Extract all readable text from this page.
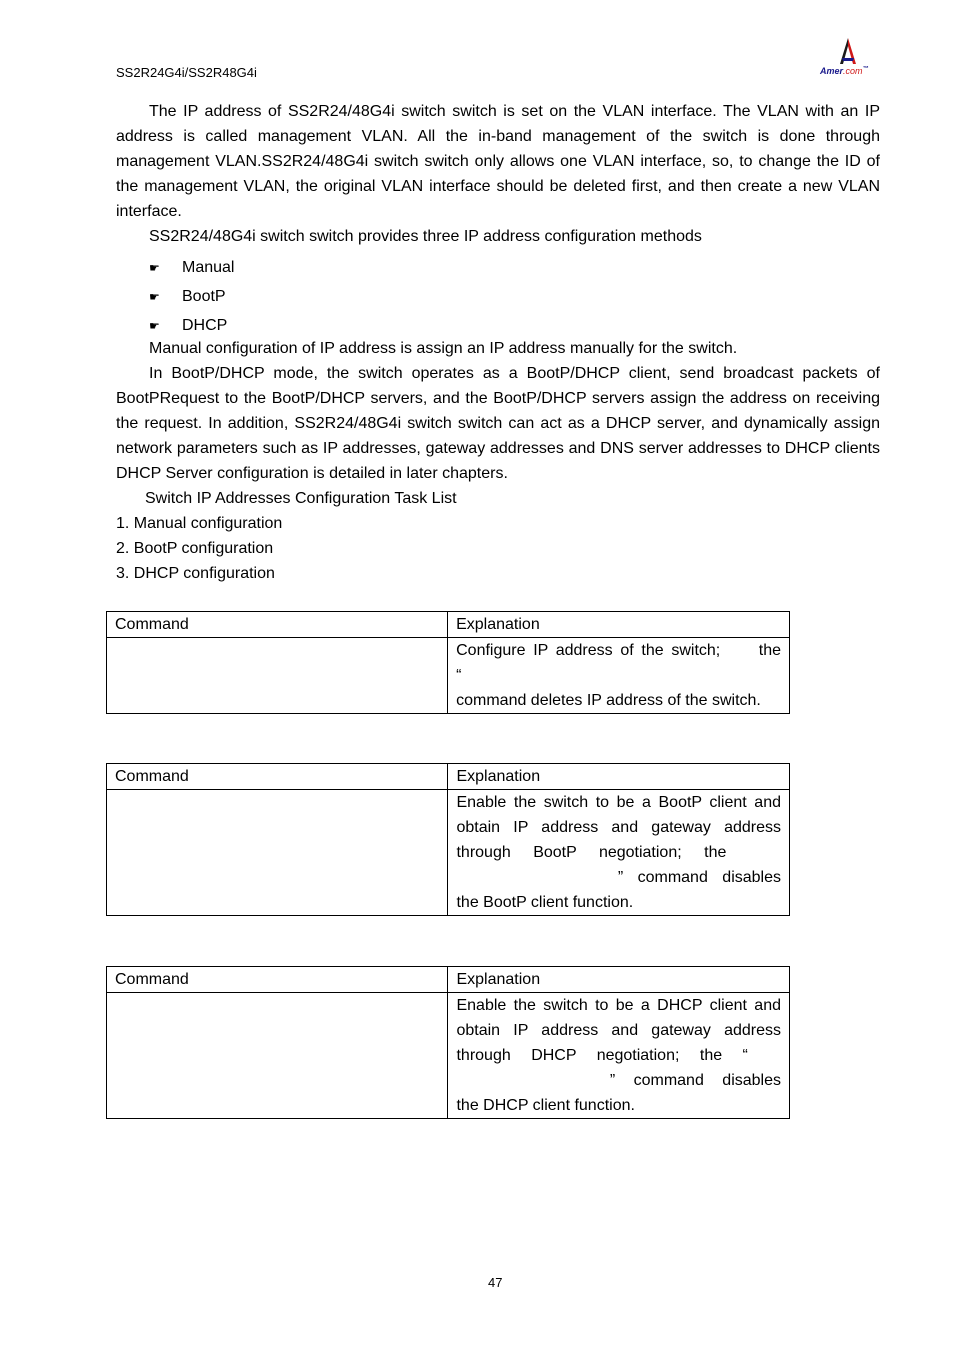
SS2R24G4i/SS2R48G4i	Amer.com™

The IP address of SS2R24/48G4i switch switch is set on the VLAN interface. The VLAN with an IP address is called management VLAN. All the in-band management of the switch is done through management VLAN.SS2R24/48G4i switch switch only allows one VLAN interface, so, to change the ID of the management VLAN, the original VLAN interface should be deleted first, and then create a new VLAN interface.

SS2R24/48G4i switch switch provides three IP address configuration methods

☛ Manual
☛ BootP
☛ DHCP

Manual configuration of IP address is assign an IP address manually for the switch.

In BootP/DHCP mode, the switch operates as a BootP/DHCP client, send broadcast packets of BootPRequest to the BootP/DHCP servers, and the BootP/DHCP servers assign the address on receiving the request. In addition, SS2R24/48G4i switch switch can act as a DHCP server, and dynamically assign network parameters such as IP addresses, gateway addresses and DNS server addresses to DHCP clients DHCP Server configuration is detailed in later chapters.

Switch IP Addresses Configuration Task List
1. Manual configuration
2. BootP configuration
3. DHCP configuration
Command	Explanation

	Configure IP address of the switch;     the
“
command deletes IP address of the switch.
Command	Explanation

	Enable the switch to be a BootP client and
obtain IP address and gateway address
through BootP negotiation; the
” command disables
the BootP client function.
Command	Explanation

	Enable the switch to be a DHCP client and
obtain IP address and gateway address
through DHCP negotiation; the “
” command disables
the DHCP client function.
47
